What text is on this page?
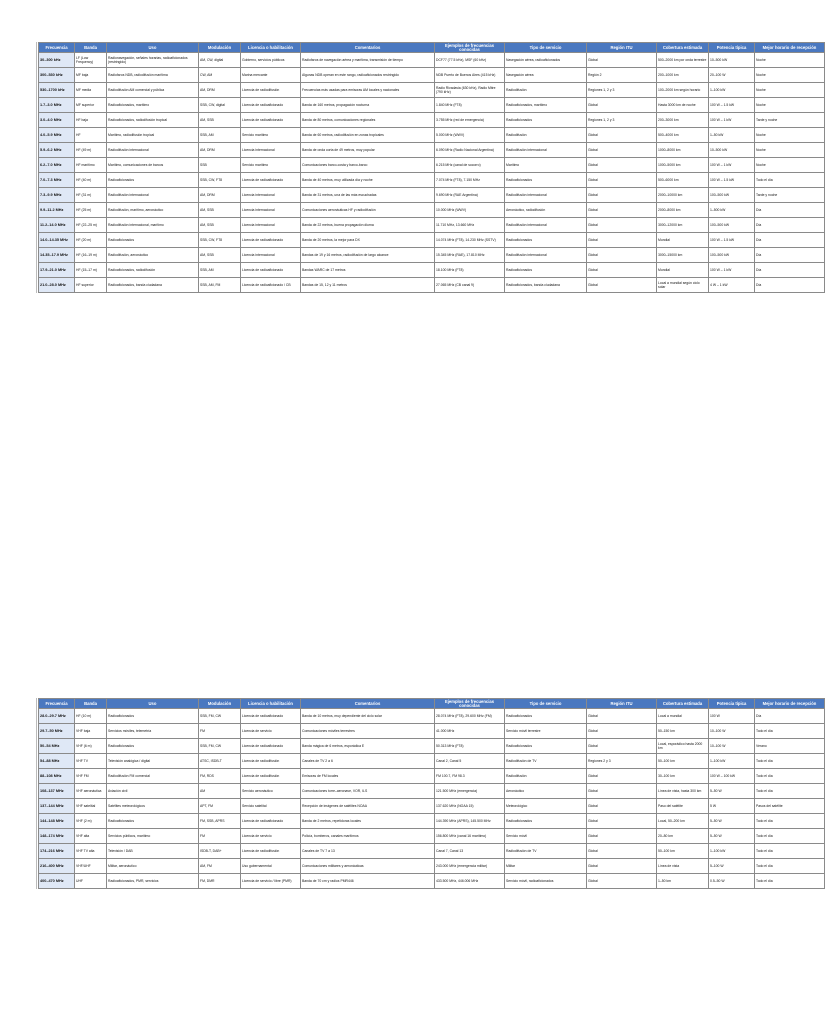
Frecuencia	Banda	Uso	Modulación	Licencia o habilitación	Comentarios	Ejemplos de frecuencias conocidas	Tipo de servicio	Región ITU	Cobertura estimada	Potencia típica	Mejor horario de recepción
30–300 kHz	LF (Low Frequency)	Radionavegación, señales horarias, radioaficionados (restringido)	AM, CW, digital	Gobierno, servicios públicos	Radiofaros de navegación aérea y marítima, transmisión de tiempo	DCF77 (77.5 kHz), MSF (60 kHz)	Navegación aérea, radioaficionados	Global	500–2000 km por onda terrestre	10–500 kW	Noche
300–530 kHz	MF baja	Radiofaros NDB, radiodifusión marítima	CW, AM	Marina mercante	Algunas NDB operan en este rango, radioaficionados restringido	NDB Puerto de Buenos Aires (415 kHz)	Navegación aérea	Región 2	200–1000 km	20–100 W	Noche
530–1700 kHz	MF media	Radiodifusión AM comercial y pública	AM, DRM	Licencia de radiodifusión	Frecuencias más usadas para emisoras AM locales y nacionales	Radio Rivadavia (630 kHz), Radio Mitre (790 kHz)	Radiodifusión	Regiones 1, 2 y 3	100–2000 km según horario	1–100 kW	Noche
1.7–3.0 MHz	MF superior	Radioaficionados, marítimo	SSB, CW, digital	Licencia de radioaficionado	Banda de 160 metros, propagación nocturna	1.840 MHz (FT8)	Radioaficionados, marítimo	Global	Hasta 3000 km de noche	100 W – 1.5 kW	Noche
3.0–4.0 MHz	HF baja	Radioaficionados, radiodifusión tropical	AM, SSB	Licencia de radioaficionado	Banda de 80 metros, comunicaciones regionales	3.755 MHz (red de emergencia)	Radioaficionados	Regiones 1, 2 y 3	200–3000 km	100 W – 1 kW	Tarde y noche
4.0–5.9 MHz	HF	Marítimo, radiodifusión tropical	SSB, AM	Servicio marítimo	Banda de 60 metros, radiodifusión en zonas tropicales	5.000 MHz (WWV)	Radiodifusión	Global	500–4000 km	1–50 kW	Noche
5.9–6.2 MHz	HF (49 m)	Radiodifusión internacional	AM, DRM	Licencia internacional	Banda de onda corta de 49 metros, muy popular	6.090 MHz (Radio Nacional Argentina)	Radiodifusión internacional	Global	1000–8000 km	10–500 kW	Noche
6.2–7.0 MHz	HF marítimo	Marítimo, comunicaciones de barcos	SSB	Servicio marítimo	Comunicaciones barco-costa y barco-barco	6.215 MHz (canal de socorro)	Marítimo	Global	1000–5000 km	100 W – 1 kW	Noche
7.0–7.3 MHz	HF (40 m)	Radioaficionados	SSB, CW, FT8	Licencia de radioaficionado	Banda de 40 metros, muy utilizada día y noche	7.074 MHz (FT8), 7.150 MHz	Radioaficionados	Global	500–6000 km	100 W – 1.5 kW	Todo el día
7.3–9.9 MHz	HF (31 m)	Radiodifusión internacional	AM, DRM	Licencia internacional	Banda de 31 metros, una de las más escuchadas	9.690 MHz (RAE Argentina)	Radiodifusión internacional	Global	2000–10000 km	100–500 kW	Tarde y noche
9.9–11.2 MHz	HF (25 m)	Radiodifusión, marítimo, aeronáutico	AM, SSB	Licencia internacional	Comunicaciones aeronáuticas HF y radiodifusión	10.000 MHz (WWV)	Aeronáutico, radiodifusión	Global	2000–8000 km	1–500 kW	Día
11.2–14.0 MHz	HF (22–25 m)	Radiodifusión internacional, marítimo	AM, SSB	Licencia internacional	Banda de 22 metros, buena propagación diurna	11.710 MHz, 13.660 MHz	Radiodifusión internacional	Global	3000–12000 km	100–500 kW	Día
14.0–14.35 MHz	HF (20 m)	Radioaficionados	SSB, CW, FT8	Licencia de radioaficionado	Banda de 20 metros, la mejor para DX	14.074 MHz (FT8), 14.230 MHz (SSTV)	Radioaficionados	Global	Mundial	100 W – 1.5 kW	Día
14.35–17.9 MHz	HF (16–19 m)	Radiodifusión, aeronáutico	AM, SSB	Licencia internacional	Bandas de 19 y 16 metros, radiodifusión de largo alcance	15.345 MHz (RAE), 17.810 MHz	Radiodifusión internacional	Global	3000–15000 km	100–500 kW	Día
17.9–21.0 MHz	HF (15–17 m)	Radioaficionados, radiodifusión	SSB, AM	Licencia de radioaficionado	Bandas WARC de 17 metros	18.100 MHz (FT8)	Radioaficionados	Global	Mundial	100 W – 1 kW	Día
21.0–28.0 MHz	HF superior	Radioaficionados, banda ciudadana	SSB, AM, FM	Licencia de radioaficionado / CB	Bandas de 15, 12 y 11 metros	27.065 MHz (CB canal 9)	Radioaficionados, banda ciudadana	Global	Local a mundial según ciclo solar	4 W – 1 kW	Día
Frecuencia	Banda	Uso	Modulación	Licencia o habilitación	Comentarios	Ejemplos de frecuencias conocidas	Tipo de servicio	Región ITU	Cobertura estimada	Potencia típica	Mejor horario de recepción
28.0–29.7 MHz	HF (10 m)	Radioaficionados	SSB, FM, CW	Licencia de radioaficionado	Banda de 10 metros, muy dependiente del ciclo solar	28.074 MHz (FT8), 29.600 MHz (FM)	Radioaficionados	Global	Local a mundial	100 W	Día
29.7–50 MHz	VHF baja	Servicios móviles, telemetría	FM	Licencia de servicio	Comunicaciones móviles terrestres	41.000 MHz	Servicio móvil terrestre	Global	50–150 km	10–100 W	Todo el día
50–54 MHz	VHF (6 m)	Radioaficionados	SSB, FM, CW	Licencia de radioaficionado	Banda mágica de 6 metros, esporádica E	50.313 MHz (FT8)	Radioaficionados	Global	Local, esporádico hasta 2000 km	10–100 W	Verano
54–88 MHz	VHF TV	Televisión analógica / digital	ATSC, ISDB-T	Licencia de radiodifusión	Canales de TV 2 a 6	Canal 2, Canal 5	Radiodifusión de TV	Regiones 2 y 3	50–100 km	1–100 kW	Todo el día
88–108 MHz	VHF FM	Radiodifusión FM comercial	FM, RDS	Licencia de radiodifusión	Emisoras de FM locales	FM 100.7, FM 98.3	Radiodifusión	Global	30–100 km	100 W – 100 kW	Todo el día
108–137 MHz	VHF aeronáutica	Aviación civil	AM	Servicio aeronáutico	Comunicaciones torre–aeronave, VOR, ILS	121.500 MHz (emergencia)	Aeronáutico	Global	Línea de vista, hasta 300 km	5–50 W	Todo el día
137–144 MHz	VHF satelital	Satélites meteorológicos	APT, FM	Servicio satelital	Recepción de imágenes de satélites NOAA	137.620 MHz (NOAA 15)	Meteorológico	Global	Paso del satélite	5 W	Pasos del satélite
144–148 MHz	VHF (2 m)	Radioaficionados	FM, SSB, APRS	Licencia de radioaficionado	Banda de 2 metros, repetidoras locales	144.390 MHz (APRS), 145.500 MHz	Radioaficionados	Global	Local, 50–200 km	5–50 W	Todo el día
148–174 MHz	VHF alta	Servicios públicos, marítimo	FM	Licencia de servicio	Policía, bomberos, canales marítimos	156.800 MHz (canal 16 marítimo)	Servicio móvil	Global	20–80 km	5–50 W	Todo el día
174–216 MHz	VHF TV alta	Televisión / DAB	ISDB-T, DAB+	Licencia de radiodifusión	Canales de TV 7 a 13	Canal 7, Canal 13	Radiodifusión de TV	Global	50–100 km	1–100 kW	Todo el día
216–400 MHz	VHF/UHF	Militar, aeronáutico	AM, FM	Uso gubernamental	Comunicaciones militares y aeronáuticas	243.000 MHz (emergencia militar)	Militar	Global	Línea de vista	5–100 W	Todo el día
400–470 MHz	UHF	Radioaficionados, PMR, servicios	FM, DMR	Licencia de servicio / libre (PMR)	Banda de 70 cm y radios PMR446	433.500 MHz, 446.006 MHz	Servicio móvil, radioaficionados	Global	1–50 km	0.5–50 W	Todo el día
